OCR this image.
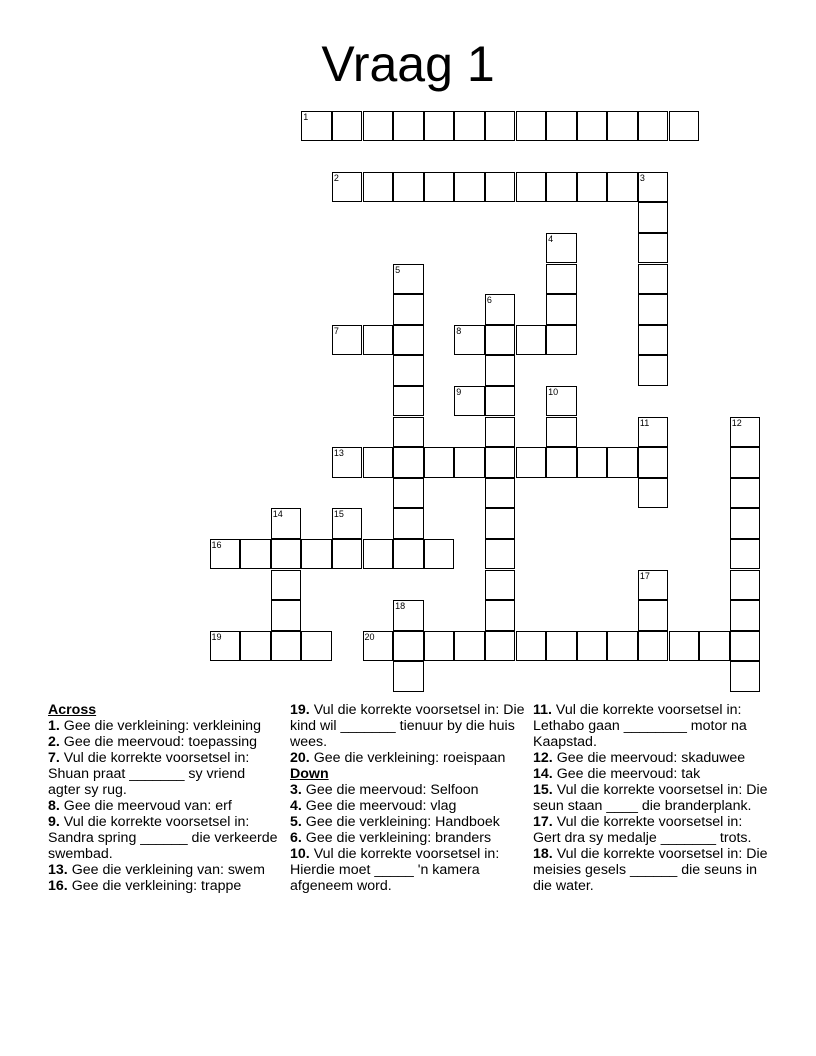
Vraag 1
1
2	3
4
5
6
7	8
9	10
11	12
13
14	15
16
17
18
19	20

Across

1. Gee die verkleining: verkleining

2. Gee die meervoud: toepassing

7. Vul die korrekte voorsetsel in: Shuan praat _______ sy vriend agter sy rug.

8. Gee die meervoud van: erf

9. Vul die korrekte voorsetsel in: Sandra spring ______ die verkeerde swembad.

13. Gee die verkleining van: swem

16. Gee die verkleining: trappe

19. Vul die korrekte voorsetsel in: Die kind wil _______ tienuur by die huis wees.

20. Gee die verkleining: roeispaan

Down

3. Gee die meervoud: Selfoon

4. Gee die meervoud: vlag

5. Gee die verkleining: Handboek

6. Gee die verkleining: branders

10. Vul die korrekte voorsetsel in: Hierdie moet _____ 'n kamera afgeneem word.

11. Vul die korrekte voorsetsel in: Lethabo gaan ________ motor na Kaapstad.

12. Gee die meervoud: skaduwee

14. Gee die meervoud: tak

15. Vul die korrekte voorsetsel in: Die seun staan ____ die branderplank.

17. Vul die korrekte voorsetsel in: Gert dra sy medalje _______ trots.

18. Vul die korrekte voorsetsel in: Die meisies gesels ______ die seuns in die water.
